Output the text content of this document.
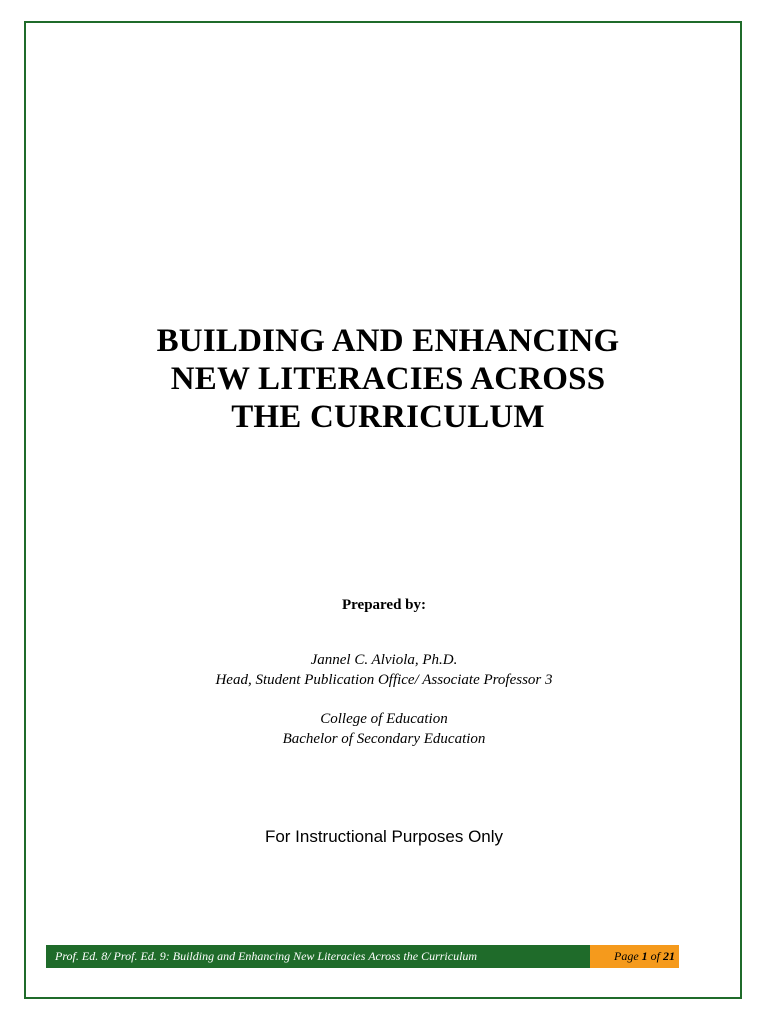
BUILDING AND ENHANCING
NEW LITERACIES ACROSS
THE CURRICULUM
Prepared by:
Jannel C. Alviola, Ph.D.
Head, Student Publication Office/ Associate Professor 3
College of Education
Bachelor of Secondary Education
For Instructional Purposes Only
Prof. Ed. 8/ Prof. Ed. 9: Building and Enhancing New Literacies Across the Curriculum	Page 1 of 21
